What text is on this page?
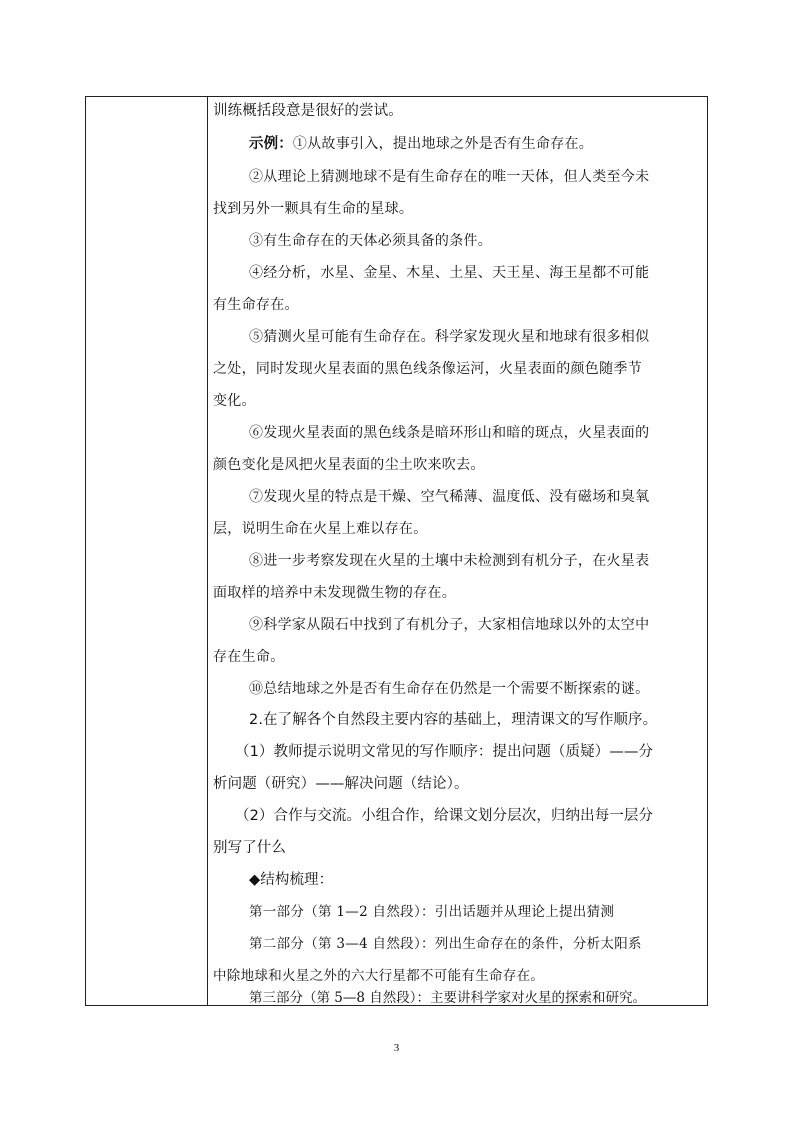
训练概括段意是很好的尝试。
示例：①从故事引入，提出地球之外是否有生命存在。
②从理论上猜测地球不是有生命存在的唯一天体，但人类至今未
找到另外一颗具有生命的星球。
③有生命存在的天体必须具备的条件。
④经分析，水星、金星、木星、土星、天王星、海王星都不可能
有生命存在。
⑤猜测火星可能有生命存在。科学家发现火星和地球有很多相似
之处，同时发现火星表面的黑色线条像运河，火星表面的颜色随季节
变化。
⑥发现火星表面的黑色线条是暗环形山和暗的斑点，火星表面的
颜色变化是风把火星表面的尘土吹来吹去。
⑦发现火星的特点是干燥、空气稀薄、温度低、没有磁场和臭氧
层，说明生命在火星上难以存在。
⑧进一步考察发现在火星的土壤中未检测到有机分子，在火星表
面取样的培养中未发现微生物的存在。
⑨科学家从陨石中找到了有机分子，大家相信地球以外的太空中
存在生命。
⑩总结地球之外是否有生命存在仍然是一个需要不断探索的谜。
2.在了解各个自然段主要内容的基础上，理清课文的写作顺序。
（1）教师提示说明文常见的写作顺序：提出问题（质疑）——分
析问题（研究）——解决问题（结论）。
（2）合作与交流。小组合作，给课文划分层次，归纳出每一层分
别写了什么
◆结构梳理：
第一部分（第 1—2 自然段）：引出话题并从理论上提出猜测
第二部分（第 3—4 自然段）：列出生命存在的条件，分析太阳系
中除地球和火星之外的六大行星都不可能有生命存在。
第三部分（第 5—8 自然段）：主要讲科学家对火星的探索和研究。
3
